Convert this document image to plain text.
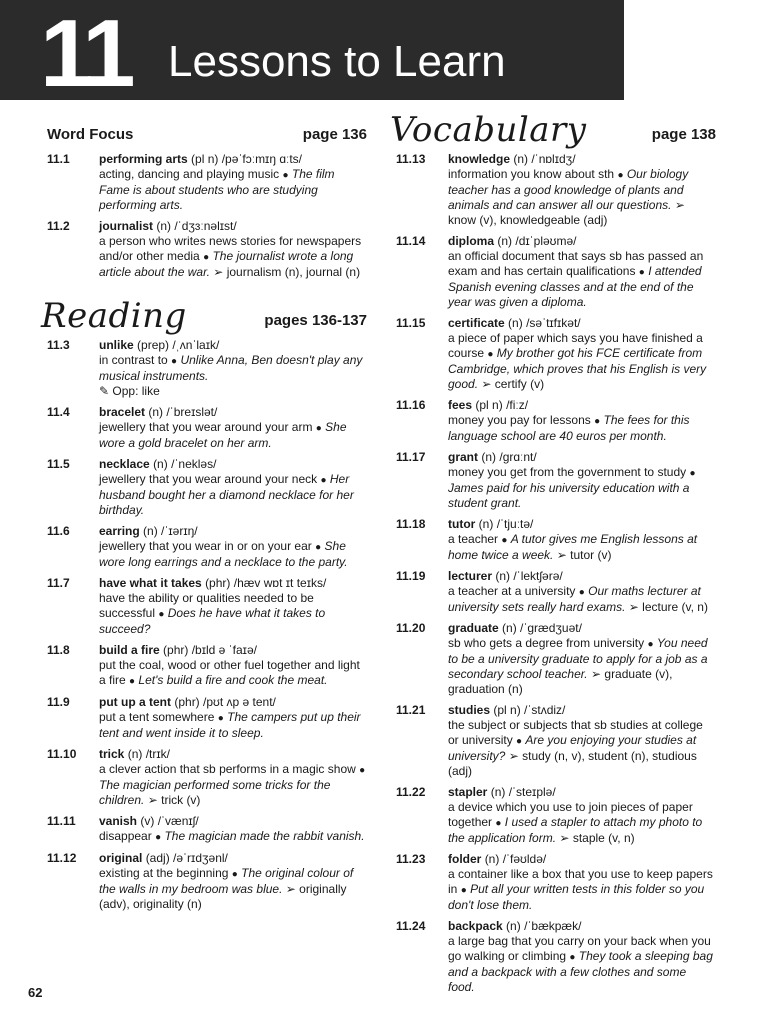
11 Lessons to Learn
Word Focus	page 136
11.1 performing arts (pl n) /pəˈfɔːmɪŋ ɑːts/
acting, dancing and playing music ● The film Fame is about students who are studying performing arts.
11.2 journalist (n) /ˈdʒɜːnəlɪst/
a person who writes news stories for newspapers and/or other media ● The journalist wrote a long article about the war. ➢ journalism (n), journal (n)
Reading	pages 136-137
11.3 unlike (prep) /ˌʌnˈlaɪk/
in contrast to ● Unlike Anna, Ben doesn't play any musical instruments.
✎ Opp: like
11.4 bracelet (n) /ˈbreɪslət/
jewellery that you wear around your arm ● She wore a gold bracelet on her arm.
11.5 necklace (n) /ˈnekləs/
jewellery that you wear around your neck ● Her husband bought her a diamond necklace for her birthday.
11.6 earring (n) /ˈɪərɪŋ/
jewellery that you wear in or on your ear ● She wore long earrings and a necklace to the party.
11.7 have what it takes (phr) /hæv wɒt ɪt teɪks/
have the ability or qualities needed to be successful ● Does he have what it takes to succeed?
11.8 build a fire (phr) /bɪld ə ˈfaɪə/
put the coal, wood or other fuel together and light a fire ● Let's build a fire and cook the meat.
11.9 put up a tent (phr) /pʊt ʌp ə tent/
put a tent somewhere ● The campers put up their tent and went inside it to sleep.
11.10 trick (n) /trɪk/
a clever action that sb performs in a magic show ● The magician performed some tricks for the children. ➢ trick (v)
11.11 vanish (v) /ˈvænɪʃ/
disappear ● The magician made the rabbit vanish.
11.12 original (adj) /əˈrɪdʒənl/
existing at the beginning ● The original colour of the walls in my bedroom was blue. ➢ originally (adv), originality (n)
Vocabulary	page 138
11.13 knowledge (n) /ˈnɒlɪdʒ/
information you know about sth ● Our biology teacher has a good knowledge of plants and animals and can answer all our questions. ➢ know (v), knowledgeable (adj)
11.14 diploma (n) /dɪˈpləʊmə/
an official document that says sb has passed an exam and has certain qualifications ● I attended Spanish evening classes and at the end of the year was given a diploma.
11.15 certificate (n) /səˈtɪfɪkət/
a piece of paper which says you have finished a course ● My brother got his FCE certificate from Cambridge, which proves that his English is very good. ➢ certify (v)
11.16 fees (pl n) /fiːz/
money you pay for lessons ● The fees for this language school are 40 euros per month.
11.17 grant (n) /grɑːnt/
money you get from the government to study ● James paid for his university education with a student grant.
11.18 tutor (n) /ˈtjuːtə/
a teacher ● A tutor gives me English lessons at home twice a week. ➢ tutor (v)
11.19 lecturer (n) /ˈlektʃərə/
a teacher at a university ● Our maths lecturer at university sets really hard exams. ➢ lecture (v, n)
11.20 graduate (n) /ˈgrædʒuət/
sb who gets a degree from university ● You need to be a university graduate to apply for a job as a secondary school teacher. ➢ graduate (v), graduation (n)
11.21 studies (pl n) /ˈstʌdiz/
the subject or subjects that sb studies at college or university ● Are you enjoying your studies at university? ➢ study (n, v), student (n), studious (adj)
11.22 stapler (n) /ˈsteɪplə/
a device which you use to join pieces of paper together ● I used a stapler to attach my photo to the application form. ➢ staple (v, n)
11.23 folder (n) /ˈfəʊldə/
a container like a box that you use to keep papers in ● Put all your written tests in this folder so you don't lose them.
11.24 backpack (n) /ˈbækpæk/
a large bag that you carry on your back when you go walking or climbing ● They took a sleeping bag and a backpack with a few clothes and some food.
62
